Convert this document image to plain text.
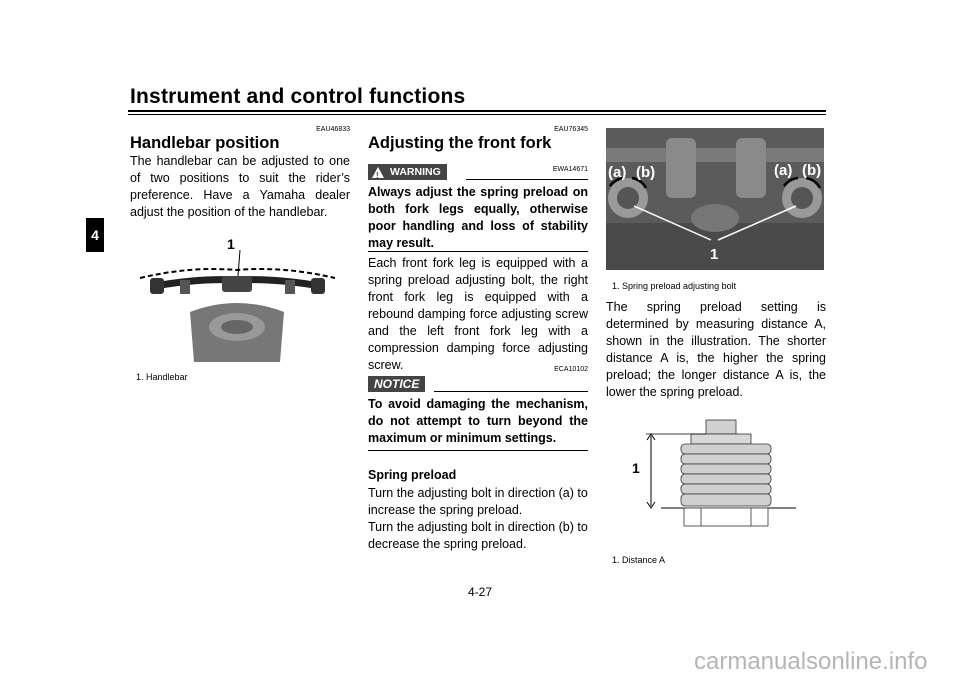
Instrument and control functions
4
EAU46833
Handlebar position
The handlebar can be adjusted to one of two positions to suit the rider’s preference. Have a Yamaha dealer adjust the position of the handlebar.
1
1. Handlebar
EAU76345
Adjusting the front fork
! WARNING	EWA14671
Always adjust the spring preload on both fork legs equally, otherwise poor handling and loss of stability may result.
Each front fork leg is equipped with a spring preload adjusting bolt, the right front fork leg is equipped with a rebound damping force adjusting screw and the left front fork leg with a compression damping force adjusting screw.
NOTICE
ECA10102
To avoid damaging the mechanism, do not attempt to turn beyond the maximum or minimum settings.
Spring preload
Turn the adjusting bolt in direction (a) to increase the spring preload.
Turn the adjusting bolt in direction (b) to decrease the spring preload.
(a) (b)	(a) (b)
1
1. Spring preload adjusting bolt
The spring preload setting is determined by measuring distance A, shown in the illustration. The shorter distance A is, the higher the spring preload; the longer distance A is, the lower the spring preload.
1
1. Distance A
4-27
carmanualsonline.info
